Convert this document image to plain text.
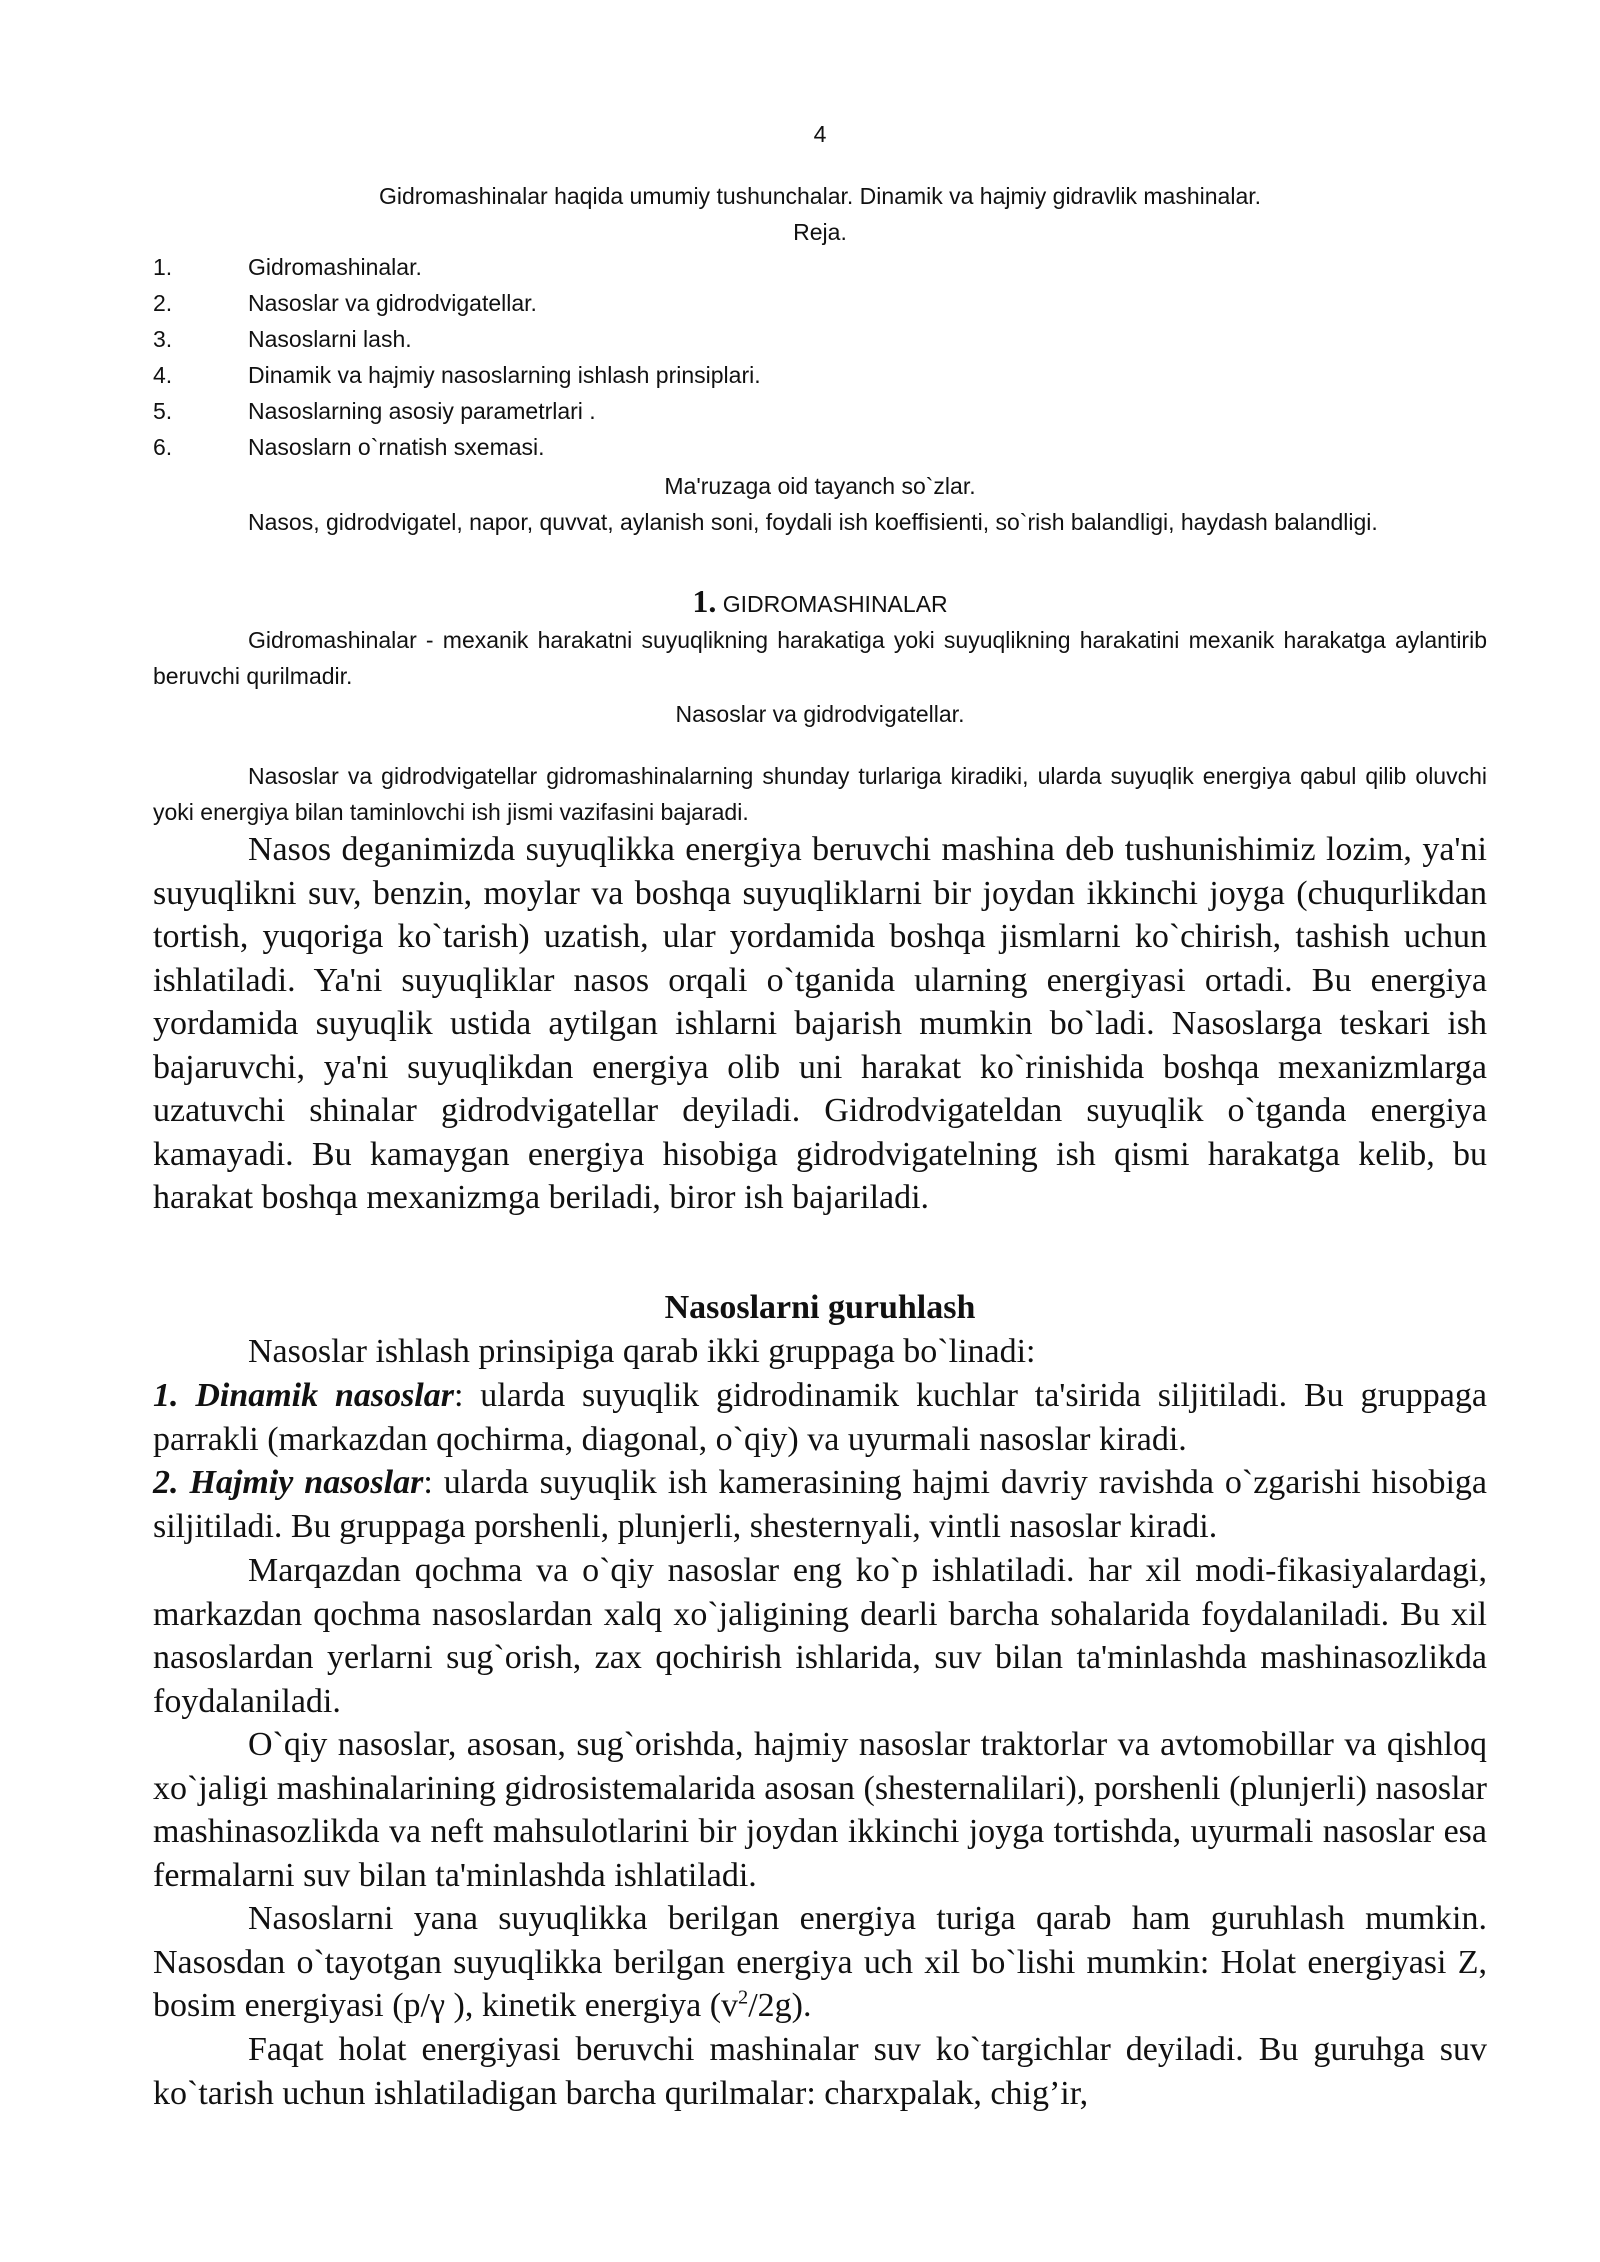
4
Gidromashinalar haqida umumiy tushunchalar. Dinamik va hajmiy gidravlik mashinalar.
Reja.
1.	Gidromashinalar.
2.	Nasoslar va gidrodvigatellar.
3.	Nasoslarni lash.
4.	Dinamik va hajmiy nasoslarning ishlash prinsiplari.
5.	Nasoslarning asosiy parametrlari .
6.	Nasoslarn o`rnatish sxemasi.
Ma'ruzaga oid tayanch so`zlar.

Nasos, gidrodvigatel, napor, quvvat, aylanish soni, foydali ish koeffisienti, so`rish balandligi, haydash balandligi.

1. GIDROMASHINALAR

Gidromashinalar - mexanik harakatni suyuqlikning harakatiga yoki suyuqlikning harakatini mexanik harakatga aylantirib beruvchi qurilmadir.

Nasoslar va gidrodvigatellar.

Nasoslar va gidrodvigatellar gidromashinalarning shunday turlariga kiradiki, ularda suyuqlik energiya qabul qilib oluvchi yoki energiya bilan taminlovchi ish jismi vazifasini bajaradi.

Nasos deganimizda suyuqlikka energiya beruvchi mashina deb tushunishimiz lozim, ya'ni suyuqlikni suv, benzin, moylar va boshqa suyuqliklarni bir joydan ikkinchi joyga (chuqurlikdan tortish, yuqoriga ko`tarish) uzatish, ular yordamida boshqa jismlarni ko`chirish, tashish uchun ishlatiladi. Ya'ni suyuqliklar nasos orqali o`tganida ularning energiyasi ortadi. Bu energiya yordamida suyuqlik ustida aytilgan ishlarni bajarish mumkin bo`ladi. Nasoslarga teskari ish bajaruvchi, ya'ni suyuqlikdan energiya olib uni harakat ko`rinishida boshqa mexanizmlarga uzatuvchi shinalar gidrodvigatellar deyiladi. Gidrodvigateldan suyuqlik o`tganda energiya kamayadi. Bu kamaygan energiya hisobiga gidrodvigatelning ish qismi harakatga kelib, bu harakat boshqa mexanizmga beriladi, biror ish bajariladi.

Nasoslarni guruhlash

Nasoslar ishlash prinsipiga qarab ikki gruppaga bo`linadi:

1. Dinamik nasoslar: ularda suyuqlik gidrodinamik kuchlar ta'sirida siljitiladi. Bu gruppaga parrakli (markazdan qochirma, diagonal, o`qiy) va uyurmali nasoslar kiradi.

2. Hajmiy nasoslar: ularda suyuqlik ish kamerasining hajmi davriy ravishda o`zgarishi hisobiga siljitiladi. Bu gruppaga porshenli, plunjerli, shesternyali, vintli nasoslar kiradi.

Marqazdan qochma va o`qiy nasoslar eng ko`p ishlatiladi. har xil modi-fikasiyalardagi, markazdan qochma nasoslardan xalq xo`jaligining dearli barcha sohalarida foydalaniladi. Bu xil nasoslardan yerlarni sug`orish, zax qochirish ishlarida, suv bilan ta'minlashda mashinasozlikda foydalaniladi.

O`qiy nasoslar, asosan, sug`orishda, hajmiy nasoslar traktorlar va avtomobillar va qishloq xo`jaligi mashinalarining gidrosistemalarida asosan (shesternalilari), porshenli (plunjerli) nasoslar mashinasozlikda va neft mahsulotlarini bir joydan ikkinchi joyga tortishda, uyurmali nasoslar esa fermalarni suv bilan ta'minlashda ishlatiladi.

Nasoslarni yana suyuqlikka berilgan energiya turiga qarab ham guruhlash mumkin. Nasosdan o`tayotgan suyuqlikka berilgan energiya uch xil bo`lishi mumkin: Holat energiyasi Z, bosim energiyasi (p/γ ), kinetik energiya $(v^2/2g)$.

Faqat holat energiyasi beruvchi mashinalar suv ko`targichlar deyiladi. Bu guruhga suv ko`tarish uchun ishlatiladigan barcha qurilmalar: charxpalak, chig’ir,
